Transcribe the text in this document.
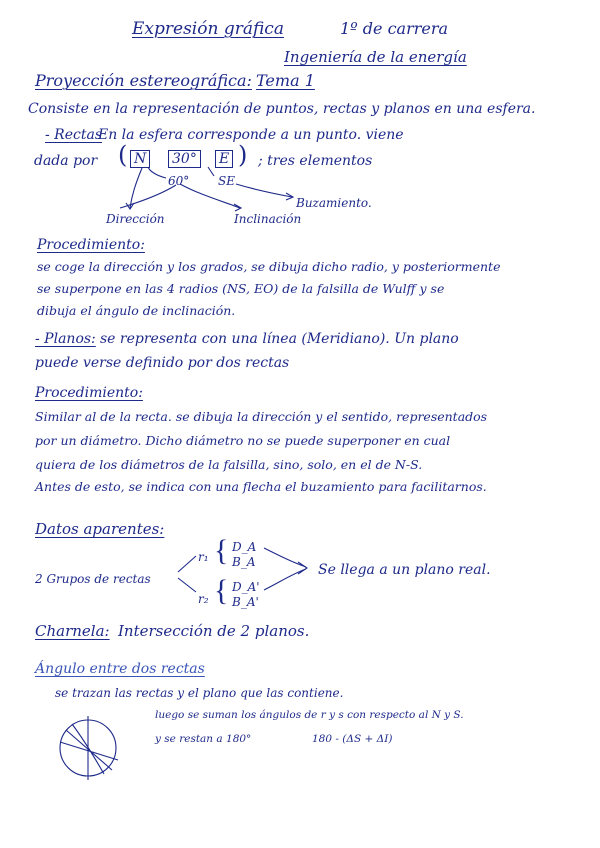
Expresión gráfica	1º de carrera
Ingeniería de la energía
Proyección estereográfica: Tema 1
Consiste en la representación de puntos, rectas y planos en una esfera.
- Rectas
En la esfera corresponde a un punto. viene
dada por ( N 30° E )
60° SE
; tres elementos
Buzamiento.
Dirección	Inclinación
Procedimiento:
se coge la dirección y los grados, se dibuja dicho radio, y posteriormente
se superpone en las 4 radios (NS, EO) de la falsilla de Wulff y se
dibuja el ángulo de inclinación.
- Planos: se representa con una línea (Meridiano). Un plano
puede verse definido por dos rectas
Procedimiento:
Similar al de la recta. se dibuja la dirección y el sentido, representados
por un diámetro. Dicho diámetro no se puede superponer en cual
quiera de los diámetros de la falsilla, sino, solo, en el de N-S.
Antes de esto, se indica con una flecha el buzamiento para facilitarnos.
Datos aparentes:
2 Grupos de rectas
r₁ { D_A
B_A
r₂ { D_A'
B_A'
Se llega a un plano real.
Charnela: Intersección de 2 planos.
Ángulo entre dos rectas
se trazan las rectas y el plano que las contiene.
luego se suman los ángulos de r y s con respecto al N y S.
y se restan a 180°	180 - (ΔS + ΔI)
